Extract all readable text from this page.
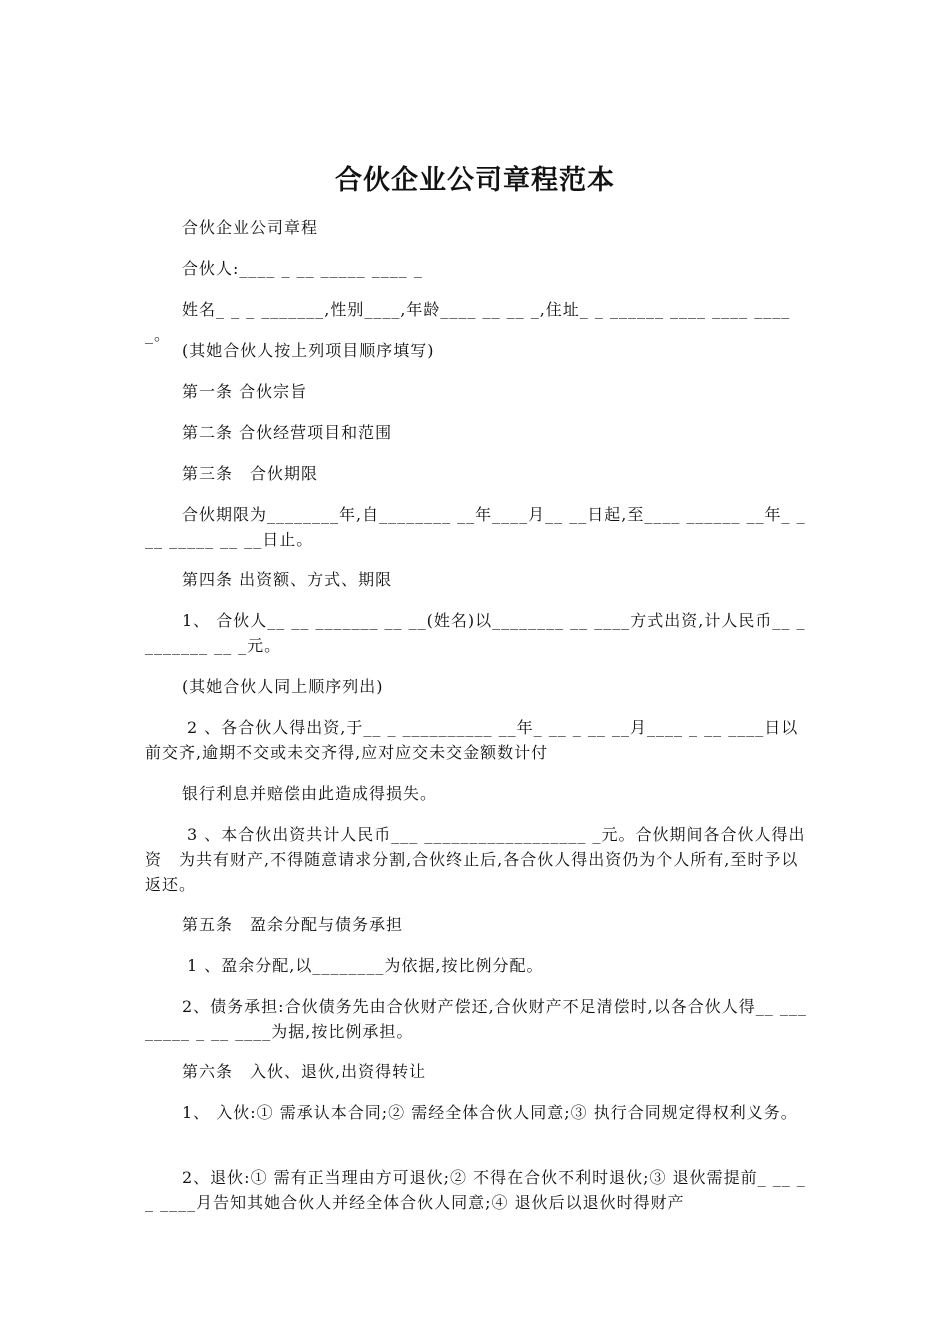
合伙企业公司章程范本

合伙企业公司章程

合伙人:____ _ __ _____ ____ _

姓名_ _ _ _______,性别____,年龄____ __ __ _,住址_ _ ______ ____ ____ ____ _。

(其她合伙人按上列项目顺序填写)

第一条 合伙宗旨

第二条 合伙经营项目和范围

第三条　合伙期限

合伙期限为________年,自________ __年____月__ __日起,至____ ______ __年_ ___ _____ __ __日止。

第四条 出资额、方式、期限

1、 合伙人__ __ _______ __ __(姓名)以________ __ ____方式出资,计人民币__ _ _______ __ _元。

(其她合伙人同上顺序列出)

2 、各合伙人得出资,于__ _ __________ __年_ __ _ __ __月____ _ __ ____日以前交齐,逾期不交或未交齐得,应对应交未交金额数计付

银行利息并赔偿由此造成得损失。

3 、本合伙出资共计人民币___ __________________ _元。合伙期间各合伙人得出资　为共有财产,不得随意请求分割,合伙终止后,各合伙人得出资仍为个人所有,至时予以返还。

第五条　盈余分配与债务承担

1 、盈余分配,以________为依据,按比例分配。

2、债务承担:合伙债务先由合伙财产偿还,合伙财产不足清偿时,以各合伙人得__ ___ _____ _ __ ____为据,按比例承担。

第六条　入伙、退伙,出资得转让

1、 入伙:① 需承认本合同;② 需经全体合伙人同意;③ 执行合同规定得权利义务。

2、退伙:① 需有正当理由方可退伙;② 不得在合伙不利时退伙;③ 退伙需提前_ __ __ ____月告知其她合伙人并经全体合伙人同意;④ 退伙后以退伙时得财产
